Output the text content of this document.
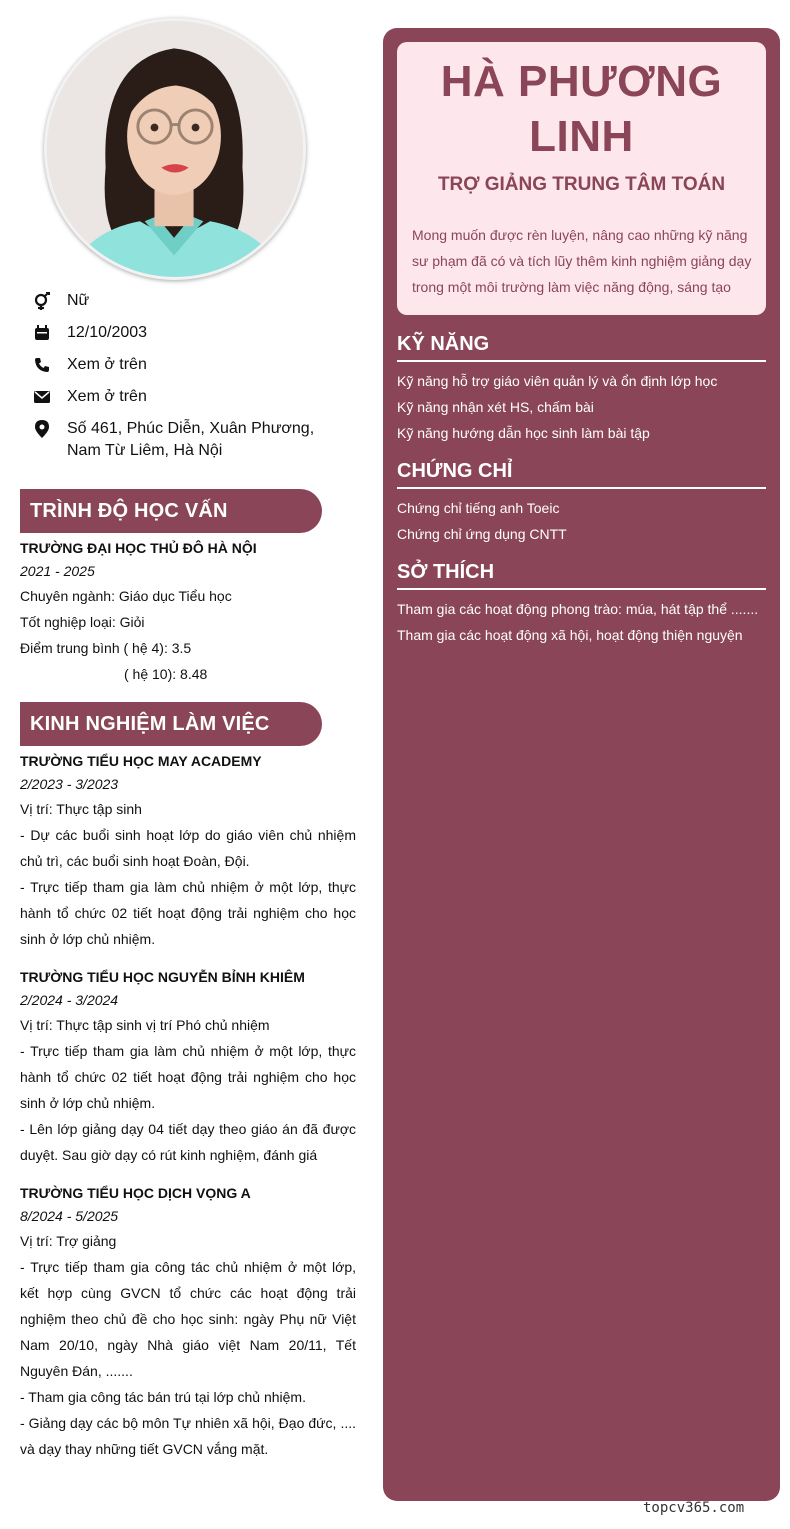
Nữ
12/10/2003
Xem ở trên
Xem ở trên
Số 461, Phúc Diễn, Xuân Phương, Nam Từ Liêm, Hà Nội
TRÌNH ĐỘ HỌC VẤN
TRƯỜNG ĐẠI HỌC THỦ ĐÔ HÀ NỘI
2021 - 2025
Chuyên ngành: Giáo dục Tiểu học
Tốt nghiệp loại: Giỏi
Điểm trung bình ( hệ 4): 3.5
( hệ 10): 8.48
KINH NGHIỆM LÀM VIỆC
TRƯỜNG TIỂU HỌC MAY ACADEMY
2/2023 - 3/2023
Vị trí: Thực tập sinh
- Dự các buổi sinh hoạt lớp do giáo viên chủ nhiệm chủ trì, các buổi sinh hoạt Đoàn, Đội.
- Trực tiếp tham gia làm chủ nhiệm ở một lớp, thực hành tổ chức 02 tiết hoạt động trải nghiệm cho học sinh ở lớp chủ nhiệm.
TRƯỜNG TIỂU HỌC NGUYỄN BỈNH KHIÊM
2/2024 - 3/2024
Vị trí: Thực tập sinh vị trí Phó chủ nhiệm
- Trực tiếp tham gia làm chủ nhiệm ở một lớp, thực hành tổ chức 02 tiết hoạt động trải nghiệm cho học sinh ở lớp chủ nhiệm.
- Lên lớp giảng dạy 04 tiết dạy theo giáo án đã được duyệt. Sau giờ dạy có rút kinh nghiệm, đánh giá
TRƯỜNG TIỂU HỌC DỊCH VỌNG A
8/2024 - 5/2025
Vị trí: Trợ giảng
- Trực tiếp tham gia công tác chủ nhiệm ở một lớp, kết hợp cùng GVCN tổ chức các hoạt động trải nghiệm theo chủ đề cho học sinh: ngày Phụ nữ Việt Nam 20/10, ngày Nhà giáo việt Nam 20/11, Tết Nguyên Đán, .......
- Tham gia công tác bán trú tại lớp chủ nhiệm.
- Giảng dạy các bộ môn Tự nhiên xã hội, Đạo đức, .... và dạy thay những tiết GVCN vắng mặt.
HÀ PHƯƠNG
LINH
TRỢ GIẢNG TRUNG TÂM TOÁN
Mong muốn được rèn luyện, nâng cao những kỹ năng sư phạm đã có và tích lũy thêm kinh nghiệm giảng dạy trong một môi trường làm việc năng động, sáng tạo
KỸ NĂNG
Kỹ năng hỗ trợ giáo viên quản lý và ổn định lớp học
Kỹ năng nhận xét HS, chấm bài
Kỹ năng hướng dẫn học sinh làm bài tập
CHỨNG CHỈ
Chứng chỉ tiếng anh Toeic
Chứng chỉ ứng dụng CNTT
SỞ THÍCH
Tham gia các hoạt động phong trào: múa, hát tập thể .......
Tham gia các hoạt động xã hội, hoạt động thiện nguyện
topcv365.com
